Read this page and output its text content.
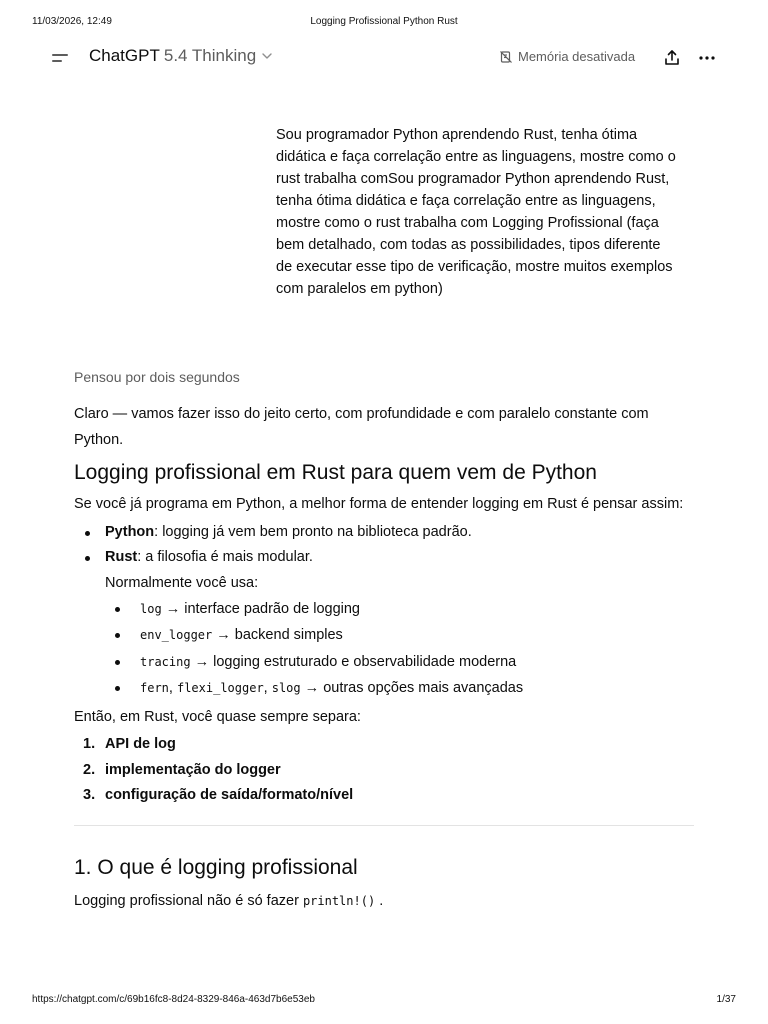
11/03/2026, 12:49	Logging Profissional Python Rust
ChatGPT 5.4 Thinking	Memória desativada
Sou programador Python aprendendo Rust, tenha ótima didática e faça correlação entre as linguagens, mostre como o rust trabalha comSou programador Python aprendendo Rust, tenha ótima didática e faça correlação entre as linguagens, mostre como o rust trabalha com Logging Profissional (faça bem detalhado, com todas as possibilidades, tipos diferente de executar esse tipo de verificação, mostre muitos exemplos com paralelos em python)
Pensou por dois segundos

Claro — vamos fazer isso do jeito certo, com profundidade e com paralelo constante com Python.

Logging profissional em Rust para quem vem de Python

Se você já programa em Python, a melhor forma de entender logging em Rust é pensar assim:

Python: logging já vem bem pronto na biblioteca padrão.
Rust: a filosofia é mais modular.
Normalmente você usa:
log → interface padrão de logging
env_logger → backend simples
tracing → logging estruturado e observabilidade moderna
fern, flexi_logger, slog → outras opções mais avançadas

Então, em Rust, você quase sempre separa:

1. API de log
2. implementação do logger
3. configuração de saída/formato/nível
1. O que é logging profissional

Logging profissional não é só fazer println!() .

https://chatgpt.com/c/69b16fc8-8d24-8329-846a-463d7b6e53eb	1/37
